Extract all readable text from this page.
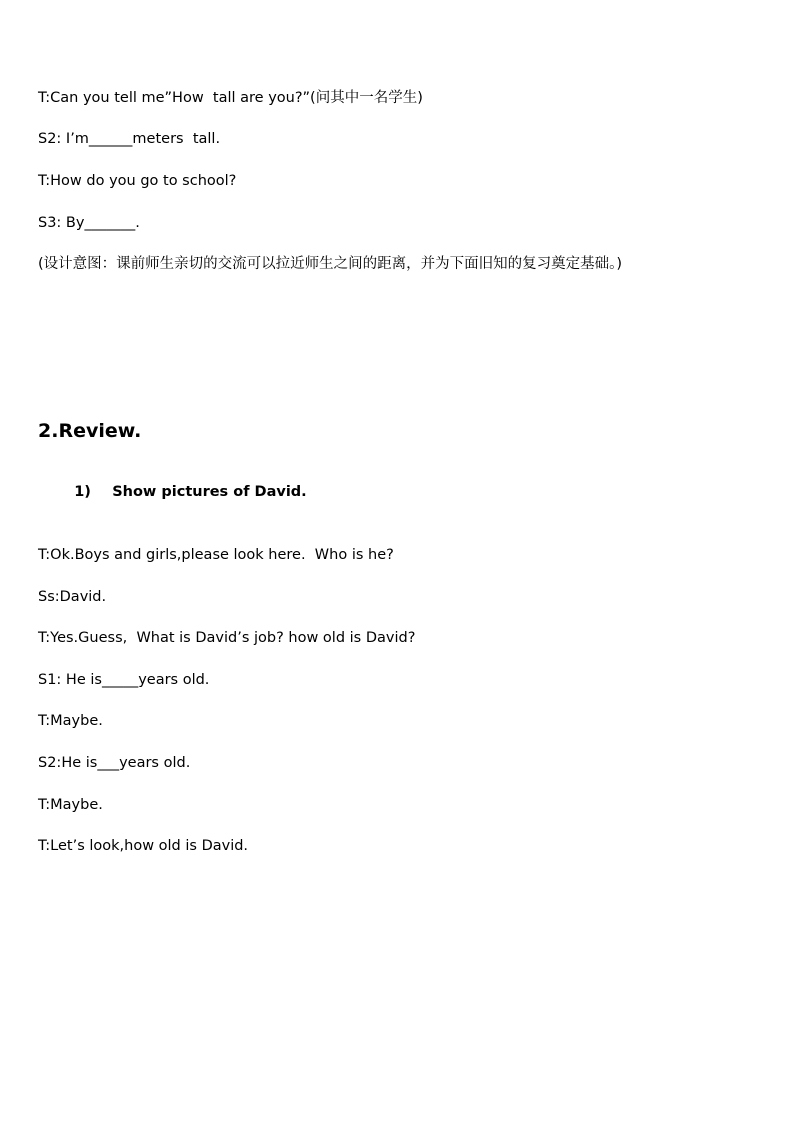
T:Can you tell me”How  tall are you?”(问其中一名学生)
S2: I’m______meters  tall.
T:How do you go to school?
S3: By_______.
(设计意图：课前师生亲切的交流可以拉近师生之间的距离，并为下面旧知的复习奠定基础。)
2.Review.

1) Show pictures of David.

T:Ok.Boys and girls,please look here.  Who is he?
Ss:David.
T:Yes.Guess,  What is David’s job? how old is David?
S1: He is_____years old.
T:Maybe.
S2:He is___years old.
T:Maybe.
T:Let’s look,how old is David.
